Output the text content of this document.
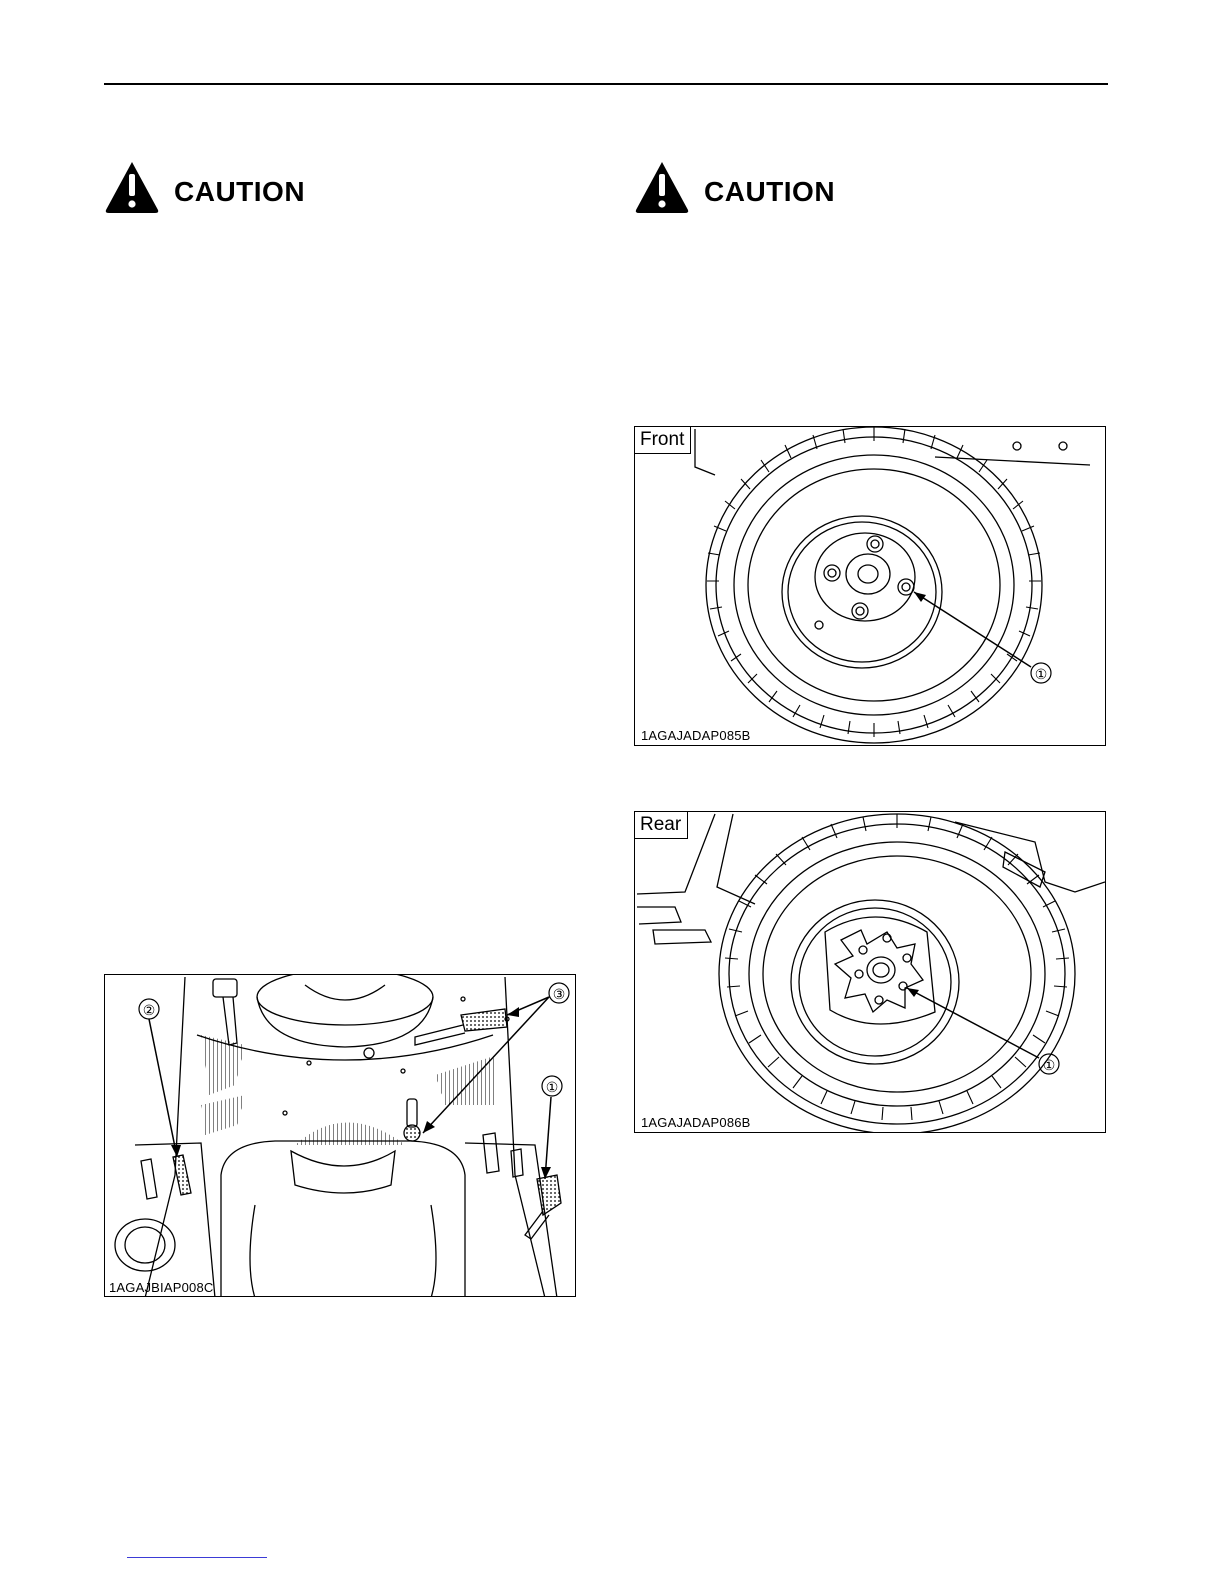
CAUTION	CAUTION
①
Front
1AGAJADAP085B
①
Rear
1AGAJADAP086B
①
②
③
1AGAJBIAP008C
